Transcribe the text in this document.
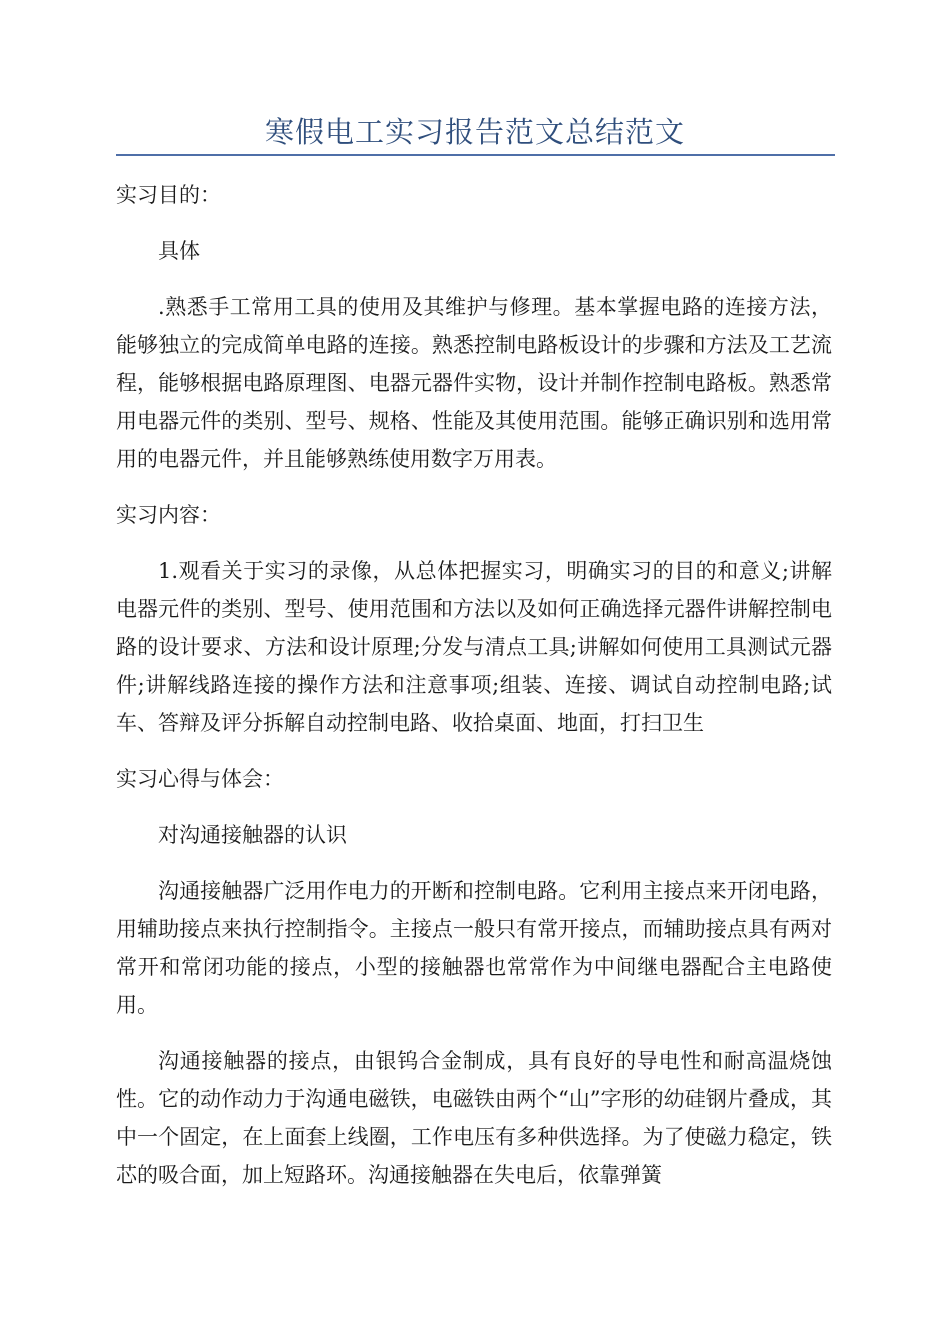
寒假电工实习报告范文总结范文

实习目的：

具体

.熟悉手工常用工具的使用及其维护与修理。基本掌握电路的连接方法，能够独立的完成简单电路的连接。熟悉控制电路板设计的步骤和方法及工艺流程，能够根据电路原理图、电器元器件实物，设计并制作控制电路板。熟悉常用电器元件的类别、型号、规格、性能及其使用范围。能够正确识别和选用常用的电器元件，并且能够熟练使用数字万用表。

实习内容：

1.观看关于实习的录像，从总体把握实习，明确实习的目的和意义;讲解电器元件的类别、型号、使用范围和方法以及如何正确选择元器件讲解控制电路的设计要求、方法和设计原理;分发与清点工具;讲解如何使用工具测试元器件;讲解线路连接的操作方法和注意事项;组装、连接、调试自动控制电路;试车、答辩及评分拆解自动控制电路、收拾桌面、地面，打扫卫生

实习心得与体会：

对沟通接触器的认识

沟通接触器广泛用作电力的开断和控制电路。它利用主接点来开闭电路，用辅助接点来执行控制指令。主接点一般只有常开接点，而辅助接点具有两对常开和常闭功能的接点，小型的接触器也常常作为中间继电器配合主电路使用。

沟通接触器的接点，由银钨合金制成，具有良好的导电性和耐高温烧蚀性。它的动作动力于沟通电磁铁，电磁铁由两个“山”字形的幼硅钢片叠成，其中一个固定，在上面套上线圈，工作电压有多种供选择。为了使磁力稳定，铁芯的吸合面，加上短路环。沟通接触器在失电后，依靠弹簧
